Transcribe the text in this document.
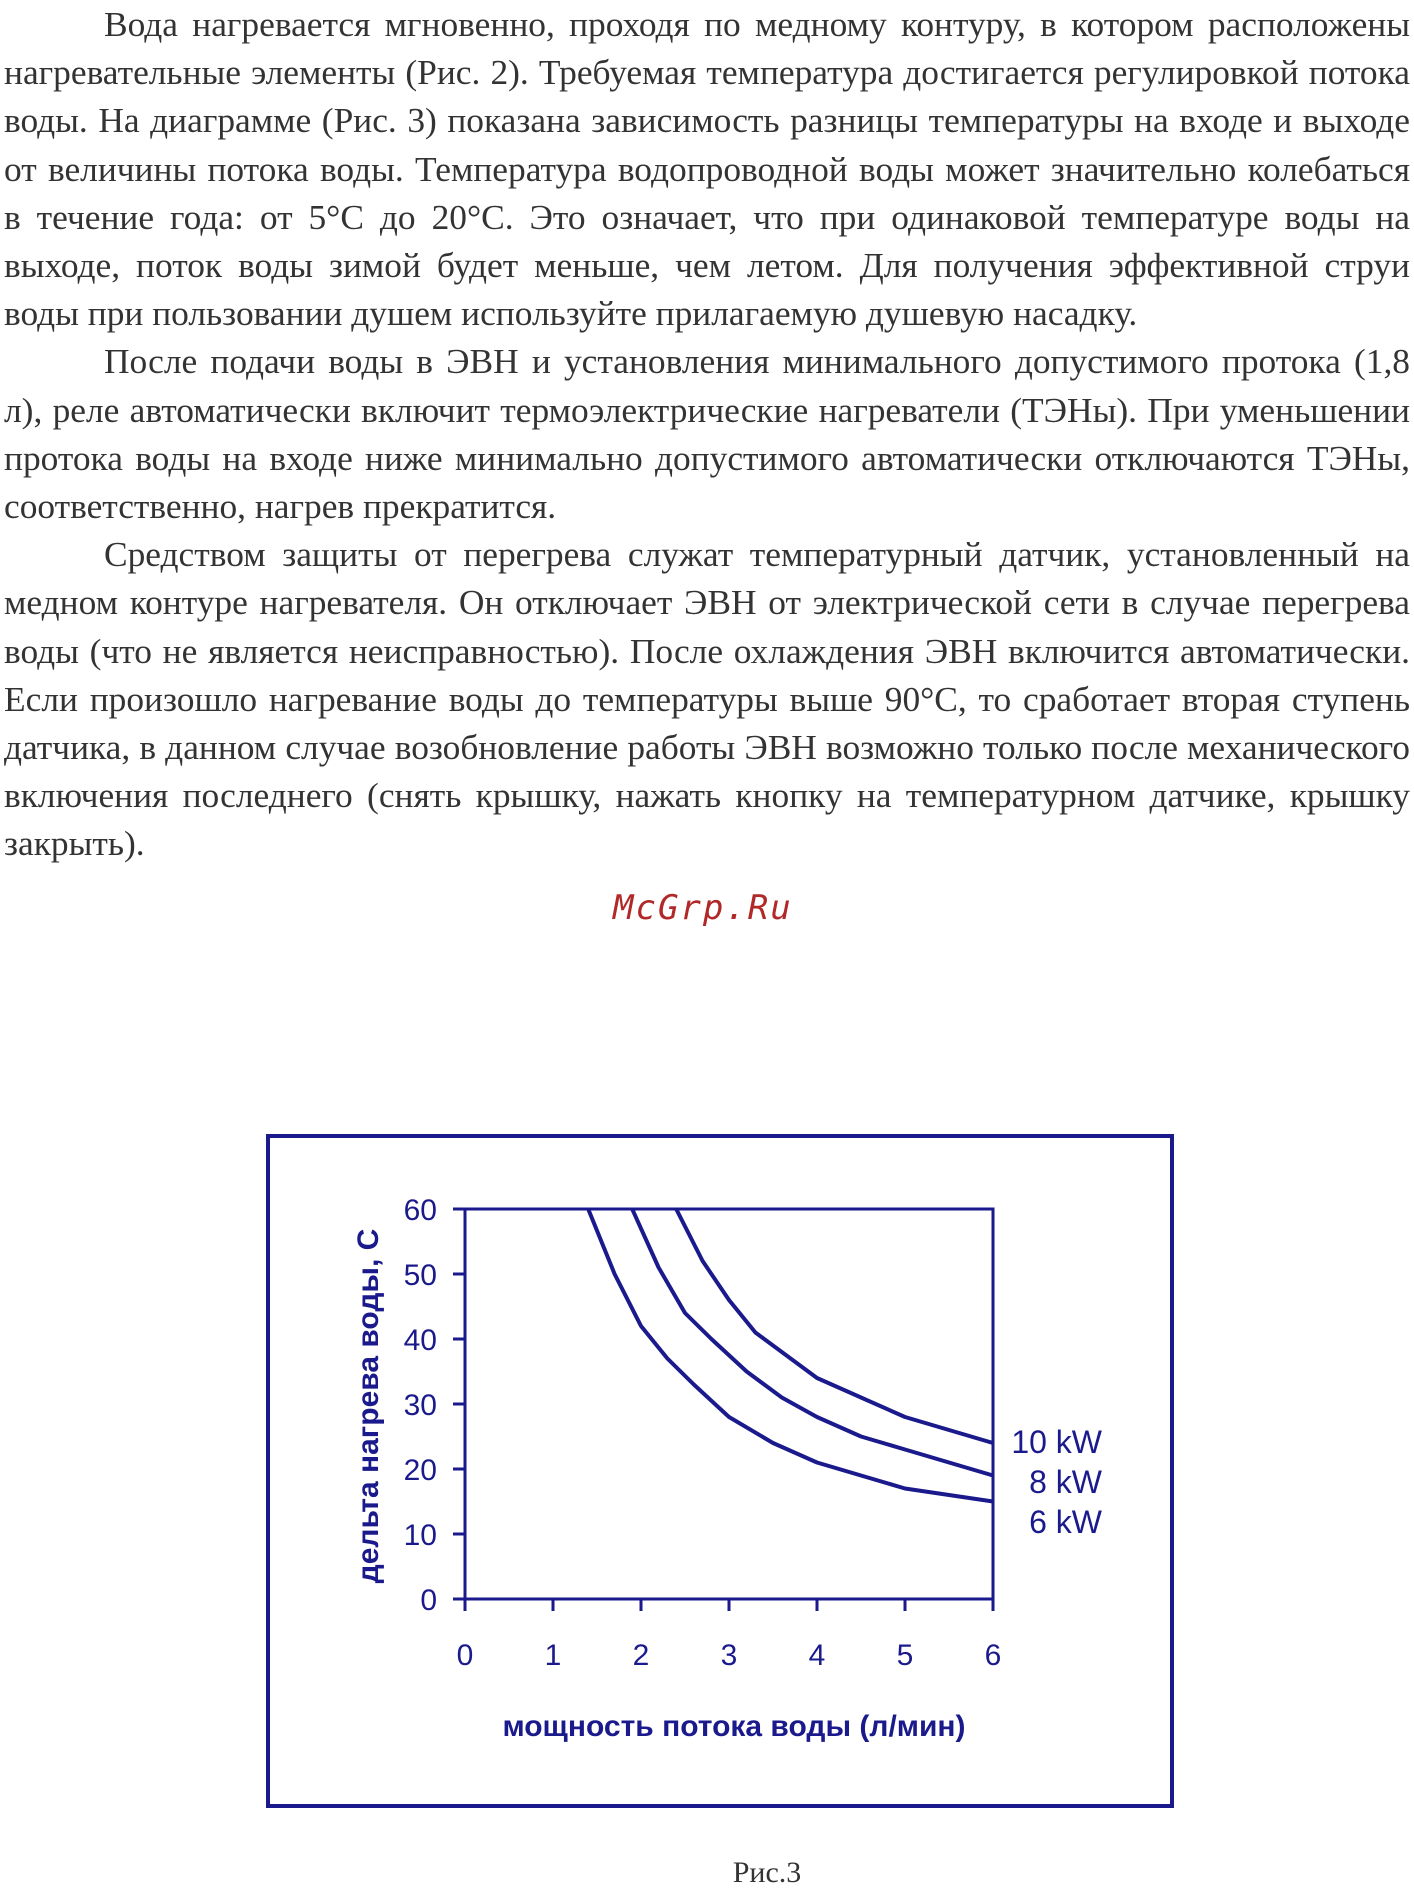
Вода нагревается мгновенно, проходя по медному контуру, в котором расположены нагревательные элементы (Рис. 2). Требуемая температура достигается регулировкой потока воды. На диаграмме (Рис. 3) показана зависимость разницы температуры на входе и выходе от величины потока воды. Температура водопроводной воды может значительно колебаться в течение года: от 5°С до 20°С. Это означает, что при одинаковой температуре воды на выходе, поток воды зимой будет меньше, чем летом. Для получения эффективной струи воды при пользовании душем используйте прилагаемую душевую насадку.

После подачи воды в ЭВН и установления минимального допустимого протока (1,8 л), реле автоматически включит термоэлектрические нагреватели (ТЭНы). При уменьшении протока воды на входе ниже минимально допустимого автоматически отключаются ТЭНы, соответственно, нагрев прекратится.

Средством защиты от перегрева служат температурный датчик, установленный на медном контуре нагревателя. Он отключает ЭВН от электрической сети в случае перегрева воды (что не является неисправностью). После охлаждения ЭВН включится автоматически. Если произошло нагревание воды до температуры выше 90°С, то сработает вторая ступень датчика, в данном случае возобновление работы ЭВН возможно только после механического включения последнего (снять крышку, нажать кнопку на температурном датчике, крышку закрыть).

McGrp.Ru
0 1 2 3 4 5 6
0
10
20
30
40
50
60
10 kW
8 kW
6 kW
мощность потока воды (л/мин)
дельта нагрева воды, С
Рис.3
